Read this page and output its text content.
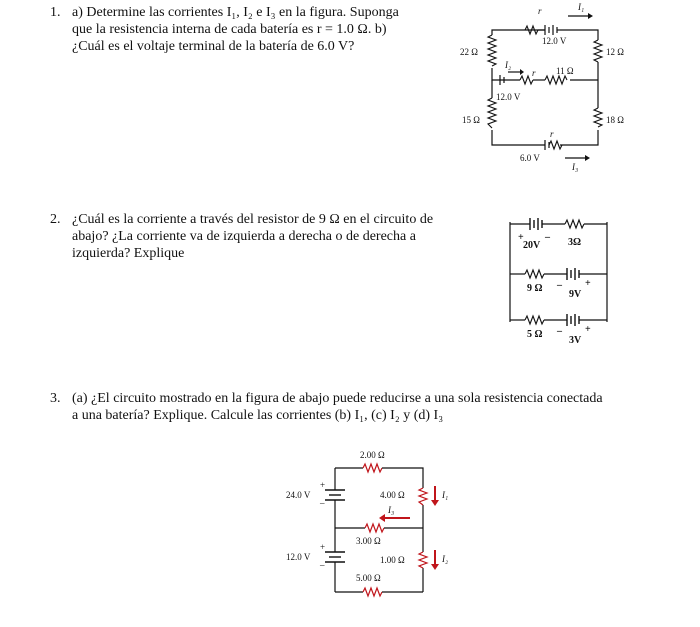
1. a) Determine las corrientes I₁, I₂ e I₃ en la figura. Suponga
que la resistencia interna de cada batería es r = 1.0 Ω. b)
¿Cuál es el voltaje terminal de la batería de 6.0 V?
r	I₁
12.0 V
22 Ω	12 Ω
I₂
r 11 Ω
12.0 V
15 Ω	18 Ω
r
6.0 V
I₃
2. ¿Cuál es la corriente a través del resistor de 9 Ω en el circuito de
abajo? ¿La corriente va de izquierda a derecha o de derecha a
izquierda? Explique
+ –
20V	3Ω
9 Ω – +
9V
5 Ω – +
3V
3. (a) ¿El circuito mostrado en la figura de abajo puede reducirse a una sola resistencia conectada
a una batería? Explique. Calcule las corrientes (b) I₁, (c) I₂ y (d) I₃
2.00 Ω
24.0 V
+
–
4.00 Ω	I₁
I₃
3.00 Ω
12.0 V
+
–	1.00 Ω	I₂
5.00 Ω
